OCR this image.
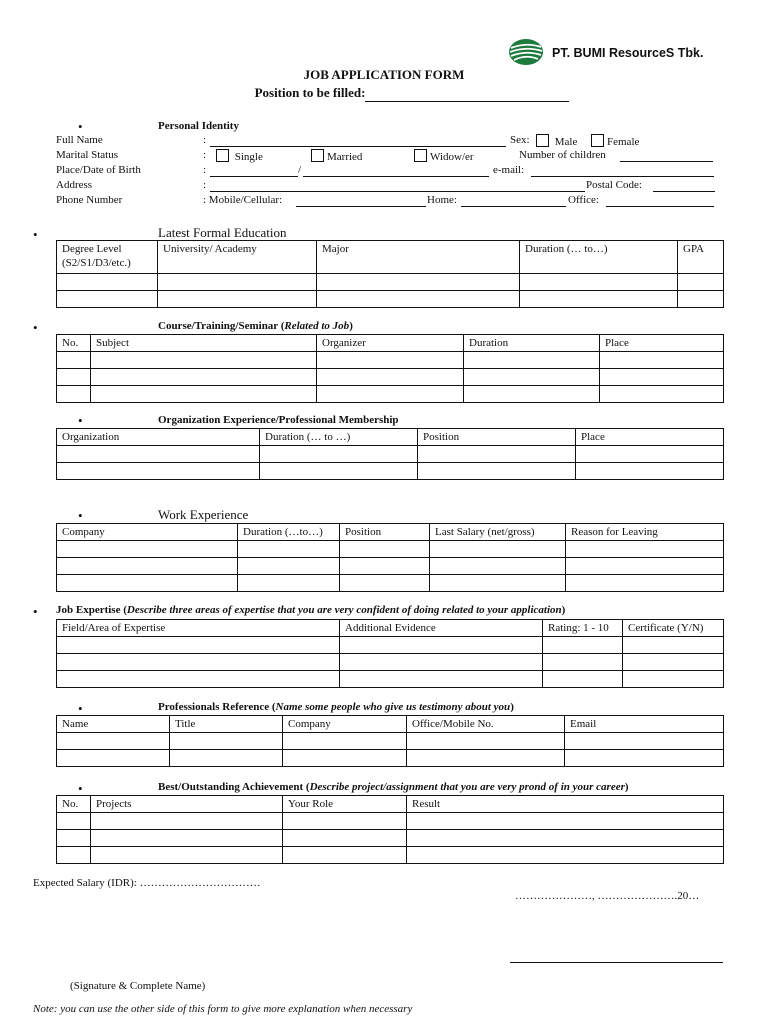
PT. BUMI ResourceS Tbk.
JOB APPLICATION FORM
Position to be filled:
•	Personal Identity
Full Name	:	Sex:	Male	Female
Marital Status	:	Single	Married	Widow/er	Number of children
Place/Date of Birth	:	/	e-mail:
Address	:	Postal Code:
Phone Number	: Mobile/Cellular:	Home:	Office:
•	Latest Formal Education
Degree Level (S2/S1/D3/etc.)	University/ Academy	Major	Duration (… to…)	GPA

•	Course/Training/Seminar (Related to Job)
No.	Subject	Organizer	Duration	Place

•	Organization Experience/Professional Membership
Organization	Duration (… to …)	Position	Place

•	Work Experience
Company	Duration (…to…)	Position	Last Salary (net/gross)	Reason for Leaving

• Job Expertise (Describe three areas of expertise that you are very confident of doing related to your application)
Field/Area of Expertise	Additional Evidence	Rating: 1 - 10	Certificate (Y/N)

•	Professionals Reference (Name some people who give us testimony about you)
Name	Title	Company	Office/Mobile No.	Email

•	Best/Outstanding Achievement (Describe project/assignment that you are very prond of in your career)
No.	Projects	Your Role	Result

Expected Salary (IDR): ……………………………
…………………, ………………….20…
(Signature & Complete Name)
Note: you can use the other side of this form to give more explanation when necessary
